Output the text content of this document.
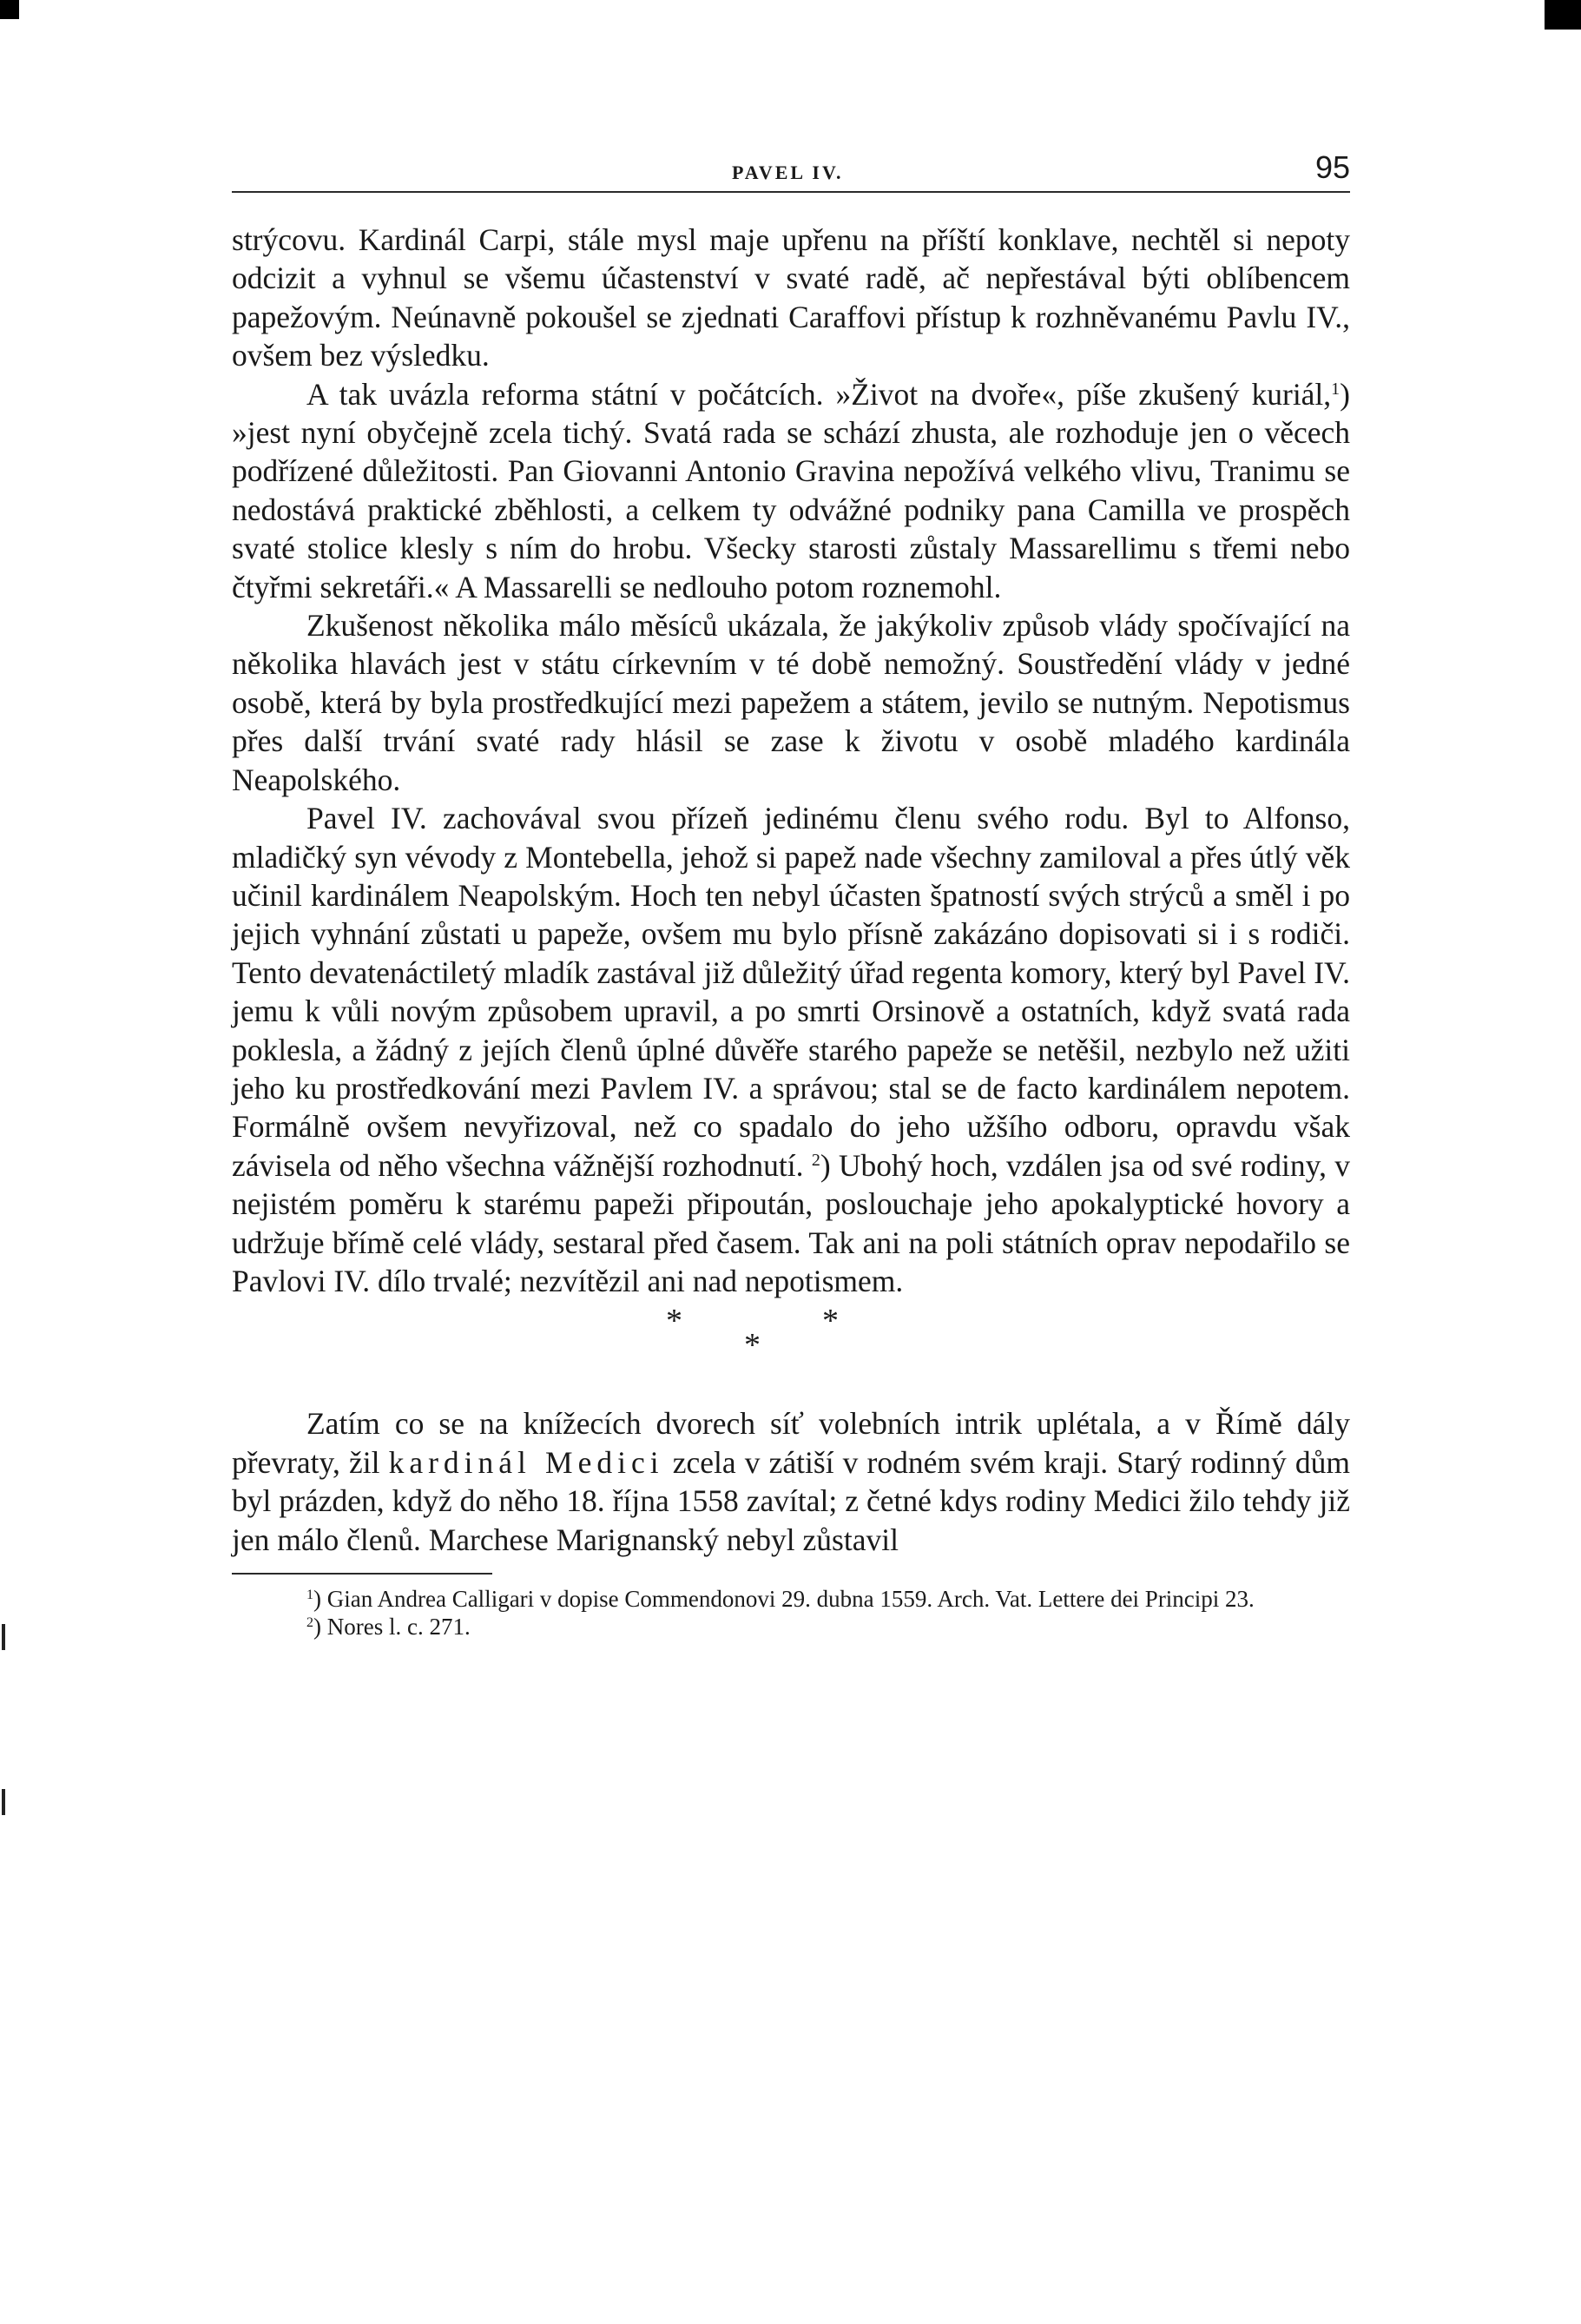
PAVEL IV.	95

strýcovu. Kardinál Carpi, stále mysl maje upřenu na příští konklave, nechtěl si nepoty odcizit a vyhnul se všemu účastenství v svaté radě, ač nepřestával býti oblíbencem papežovým. Neúnavně pokoušel se zjednati Caraffovi přístup k rozhněvanému Pavlu IV., ovšem bez výsledku.

A tak uvázla reforma státní v počátcích. »Život na dvoře«, píše zkušený kuriál,$^1$) »jest nyní obyčejně zcela tichý. Svatá rada se schází zhusta, ale rozhoduje jen o věcech podřízené důležitosti. Pan Giovanni Antonio Gravina nepožívá velkého vlivu, Tranimu se nedostává praktické zběhlosti, a celkem ty odvážné podniky pana Camilla ve prospěch svaté stolice klesly s ním do hrobu. Všecky starosti zůstaly Massarellimu s třemi nebo čtyřmi sekretáři.« A Massarelli se nedlouho potom roznemohl.

Zkušenost několika málo měsíců ukázala, že jakýkoliv způsob vlády spočívající na několika hlavách jest v státu církevním v té době nemožný. Soustředění vlády v jedné osobě, která by byla prostředkující mezi papežem a státem, jevilo se nutným. Nepotismus přes další trvání svaté rady hlásil se zase k životu v osobě mladého kardinála Neapolského.

Pavel IV. zachovával svou přízeň jedinému členu svého rodu. Byl to Alfonso, mladičký syn vévody z Montebella, jehož si papež nade všechny zamiloval a přes útlý věk učinil kardinálem Neapolským. Hoch ten nebyl účasten špatností svých strýců a směl i po jejich vyhnání zůstati u papeže, ovšem mu bylo přísně zakázáno dopisovati si i s rodiči. Tento devatenáctiletý mladík zastával již důležitý úřad regenta komory, který byl Pavel IV. jemu k vůli novým způsobem upravil, a po smrti Orsinově a ostatních, když svatá rada poklesla, a žádný z jejích členů úplné důvěře starého papeže se netěšil, nezbylo než užiti jeho ku prostředkování mezi Pavlem IV. a správou; stal se de facto kardinálem nepotem. Formálně ovšem nevyřizoval, než co spadalo do jeho užšího odboru, opravdu však závisela od něho všechna vážnější rozhodnutí. $^2$) Ubohý hoch, vzdálen jsa od své rodiny, v nejistém poměru k starému papeži připoután, poslouchaje jeho apokalyptické hovory a udržuje břímě celé vlády, sestaral před časem. Tak ani na poli státních oprav nepodařilo se Pavlovi IV. dílo trvalé; nezvítězil ani nad nepotismem.

*
*
*

Zatím co se na knížecích dvorech síť volebních intrik uplétala, a v Římě dály převraty, žil kardinál Medici zcela v zátiší v rodném svém kraji. Starý rodinný dům byl prázden, když do něho 18. října 1558 zavítal; z četné kdys rodiny Medici žilo tehdy již jen málo členů. Marchese Marignanský nebyl zůstavil

$^1$) Gian Andrea Calligari v dopise Commendonovi 29. dubna 1559. Arch. Vat. Lettere dei Principi 23.

$^2$) Nores l. c. 271.
